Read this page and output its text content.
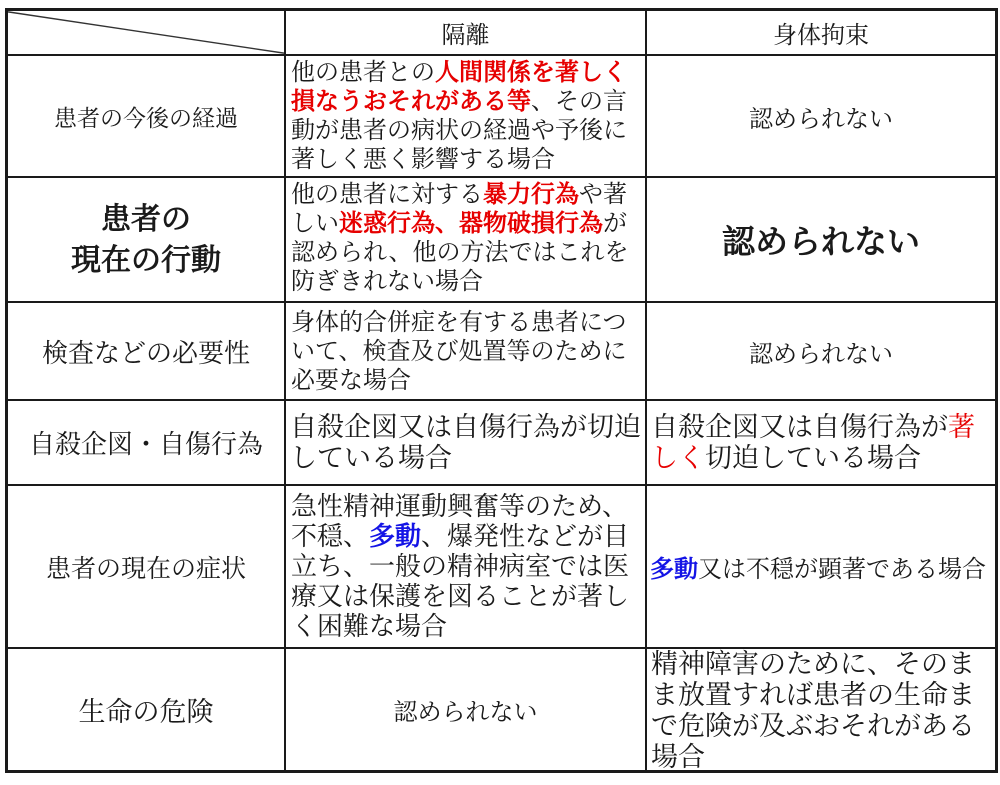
隔離	身体拘束
患者の今後の経過
他の患者との人間関係を著しく損なうおそれがある等、その言動が患者の病状の経過や予後に著しく悪く影響する場合
認められない
患者の
現在の行動
他の患者に対する暴力行為や著しい迷惑行為、器物破損行為が認められ、他の方法ではこれを防ぎきれない場合
認められない
検査などの必要性
身体的合併症を有する患者について、検査及び処置等のために必要な場合
認められない
自殺企図・自傷行為
自殺企図又は自傷行為が切迫している場合
自殺企図又は自傷行為が著しく切迫している場合
患者の現在の症状
急性精神運動興奮等のため、不穏、多動、爆発性などが目立ち、一般の精神病室では医療又は保護を図ることが著しく困難な場合
多動又は不穏が顕著である場合
生命の危険	認められない
精神障害のために、そのまま放置すれば患者の生命まで危険が及ぶおそれがある場合
